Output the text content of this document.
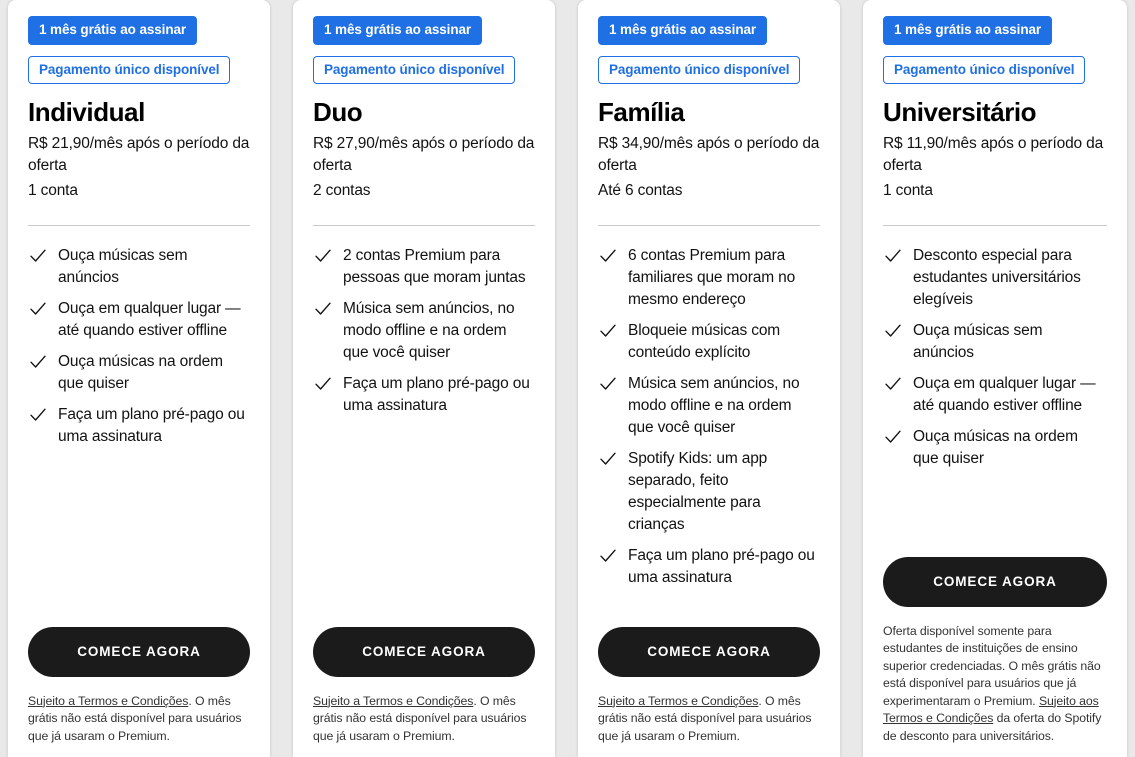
1 mês grátis ao assinar
Pagamento único disponível
Individual
R$ 21,90/mês após o período da oferta
1 conta
Ouça músicas sem anúncios
Ouça em qualquer lugar — até quando estiver offline
Ouça músicas na ordem que quiser
Faça um plano pré-pago ou uma assinatura
COMECE AGORA
Sujeito a Termos e Condições. O mês grátis não está disponível para usuários que já usaram o Premium.
1 mês grátis ao assinar
Pagamento único disponível
Duo
R$ 27,90/mês após o período da oferta
2 contas
2 contas Premium para pessoas que moram juntas
Música sem anúncios, no modo offline e na ordem que você quiser
Faça um plano pré-pago ou uma assinatura
COMECE AGORA
Sujeito a Termos e Condições. O mês grátis não está disponível para usuários que já usaram o Premium.
1 mês grátis ao assinar
Pagamento único disponível
Família
R$ 34,90/mês após o período da oferta
Até 6 contas
6 contas Premium para familiares que moram no mesmo endereço
Bloqueie músicas com conteúdo explícito
Música sem anúncios, no modo offline e na ordem que você quiser
Spotify Kids: um app separado, feito especialmente para crianças
Faça um plano pré-pago ou uma assinatura
COMECE AGORA
Sujeito a Termos e Condições. O mês grátis não está disponível para usuários que já usaram o Premium.
1 mês grátis ao assinar
Pagamento único disponível
Universitário
R$ 11,90/mês após o período da oferta
1 conta
Desconto especial para estudantes universitários elegíveis
Ouça músicas sem anúncios
Ouça em qualquer lugar — até quando estiver offline
Ouça músicas na ordem que quiser
COMECE AGORA
Oferta disponível somente para estudantes de instituições de ensino superior credenciadas. O mês grátis não está disponível para usuários que já experimentaram o Premium. Sujeito aos Termos e Condições da oferta do Spotify de desconto para universitários.
